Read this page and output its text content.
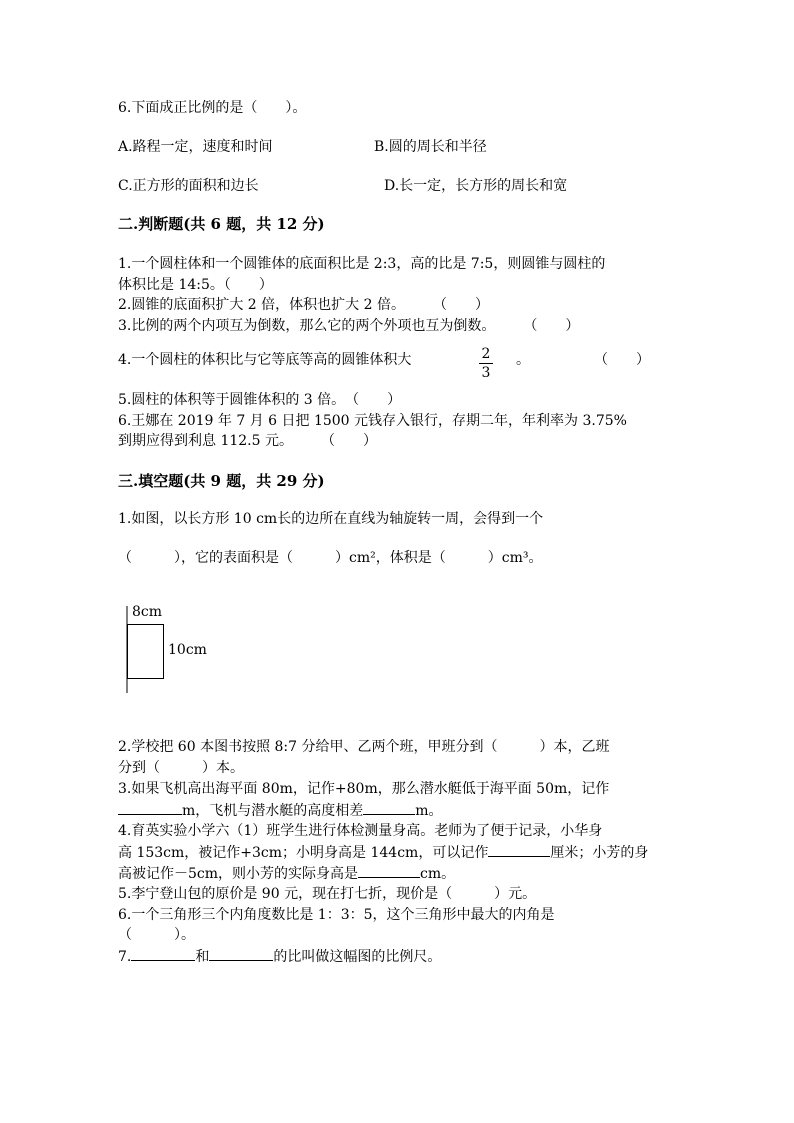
6.下面成正比例的是（　　）。
A.路程一定，速度和时间	B.圆的周长和半径
C.正方形的面积和边长	D.长一定，长方形的周长和宽
二.判断题(共 6 题，共 12 分)
1.一个圆柱体和一个圆锥体的底面积比是 2:3，高的比是 7:5，则圆锥与圆柱的
体积比是 14:5。（　　）
2.圆锥的底面积扩大 2 倍，体积也扩大 2 倍。　　　（　　）
3.比例的两个内项互为倒数，那么它的两个外项也互为倒数。　　　（　　）
4.一个圆柱的体积比与它等底等高的圆锥体积大	2
3
。	（　　）
5.圆柱的体积等于圆锥体积的 3 倍。　（　　）
6.王娜在 2019 年 7 月 6 日把 1500 元钱存入银行，存期二年，年利率为 3.75%
到期应得到利息 112.5 元。　　　（　　）
三.填空题(共 9 题，共 29 分)
1.如图，以长方形 10 cm长的边所在直线为轴旋转一周，会得到一个
（　　　），它的表面积是（　　　）cm²，体积是（　　　）cm³。
8cm
10cm
2.学校把 60 本图书按照 8:7 分给甲、乙两个班，甲班分到（　　　）本，乙班
分到（　　　）本。
3.如果飞机高出海平面 80m，记作+80m，那么潜水艇低于海平面 50m，记作
m，飞机与潜水艇的高度相差	m。
4.育英实验小学六（1）班学生进行体检测量身高。老师为了便于记录，小华身
高 153cm，被记作+3cm；小明身高是 144cm，可以记作	厘米；小芳的身
高被记作－5cm，则小芳的实际身高是	cm。
5.李宁登山包的原价是 90 元，现在打七折，现价是（　　　）元。
6.一个三角形三个内角度数比是 1：3：5，这个三角形中最大的内角是
（　　　）。
7.	和	的比叫做这幅图的比例尺。
